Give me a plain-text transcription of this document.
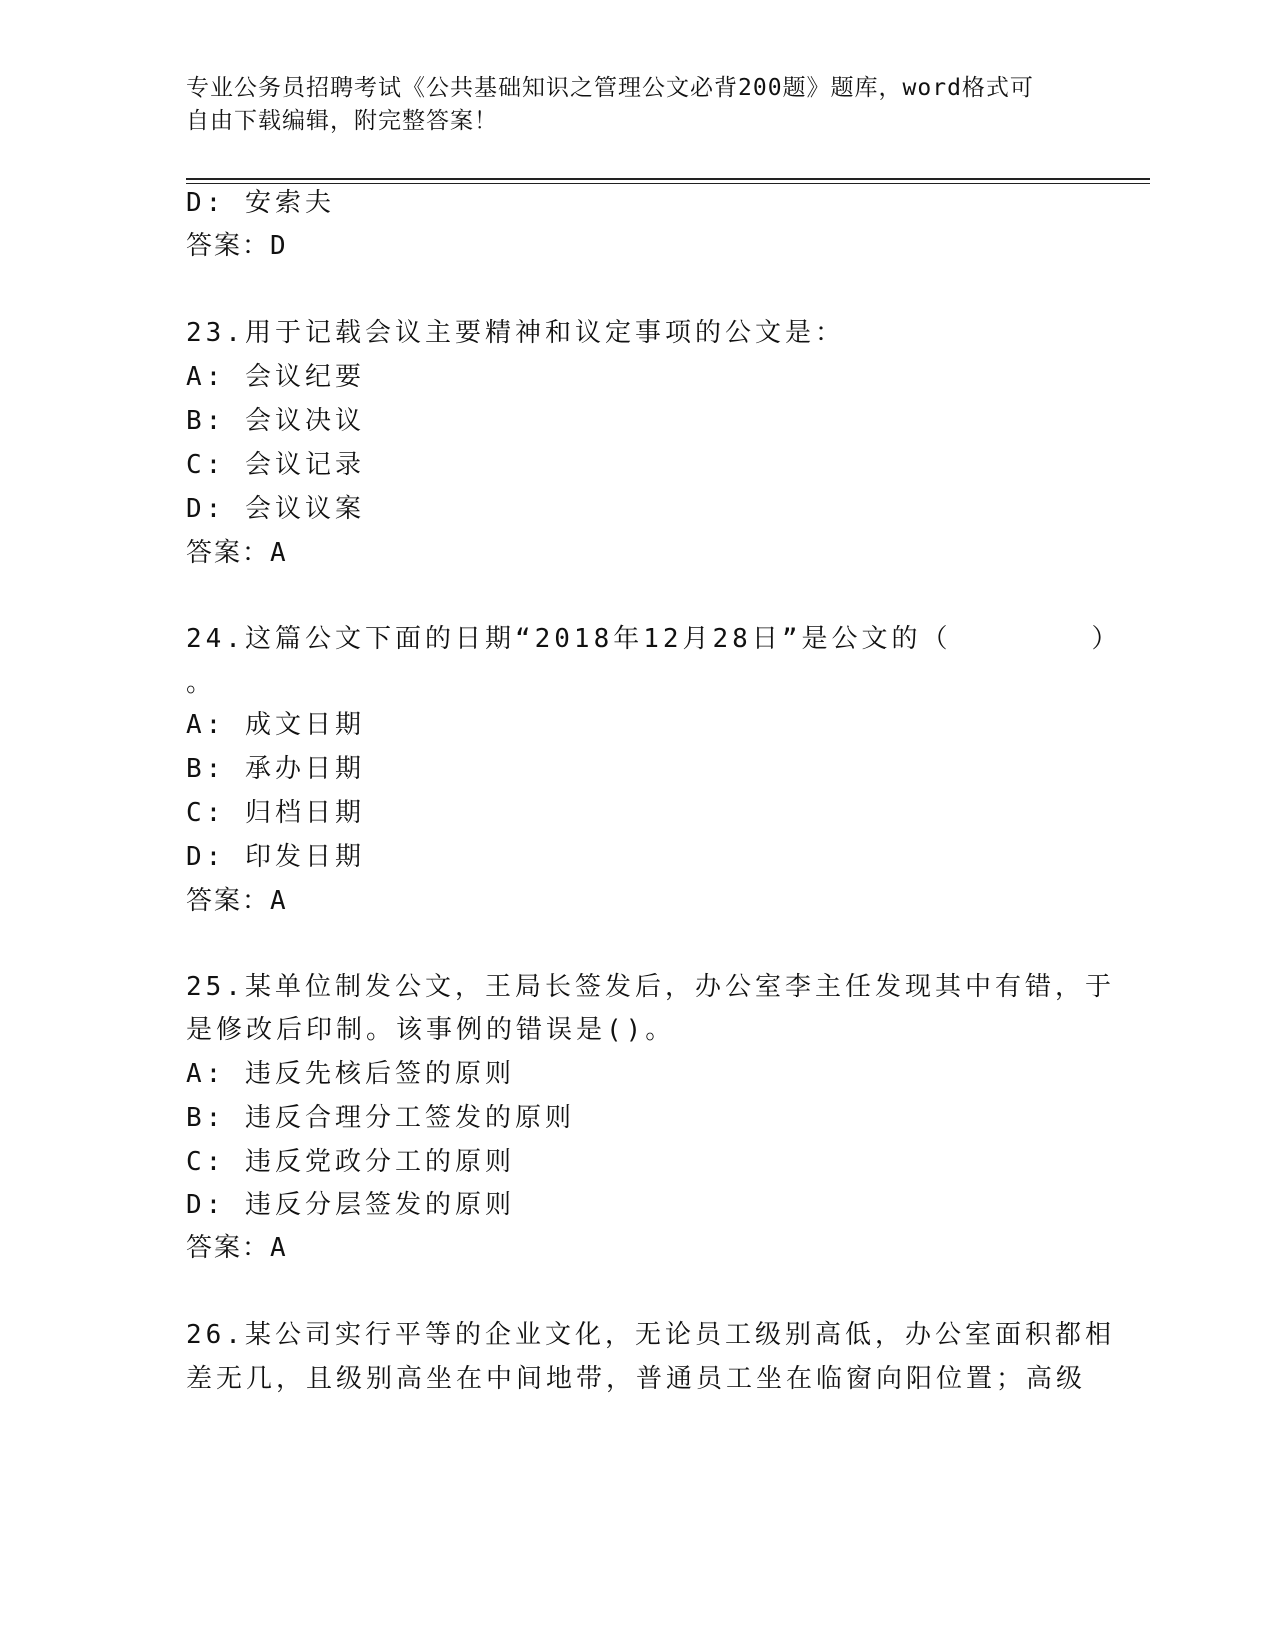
专业公务员招聘考试《公共基础知识之管理公文必背200题》题库，word格式可
自由下载编辑，附完整答案！
D: 安索夫
答案：D
23.用于记载会议主要精神和议定事项的公文是：
A: 会议纪要
B: 会议决议
C: 会议记录
D: 会议议案
答案：A
24.这篇公文下面的日期“2018年12月28日”是公文的（	）
。
A: 成文日期
B: 承办日期
C: 归档日期
D: 印发日期
答案：A
25.某单位制发公文，王局长签发后，办公室李主任发现其中有错，于
是修改后印制。该事例的错误是()。
A: 违反先核后签的原则
B: 违反合理分工签发的原则
C: 违反党政分工的原则
D: 违反分层签发的原则
答案：A
26.某公司实行平等的企业文化，无论员工级别高低，办公室面积都相
差无几，且级别高坐在中间地带，普通员工坐在临窗向阳位置；高级
